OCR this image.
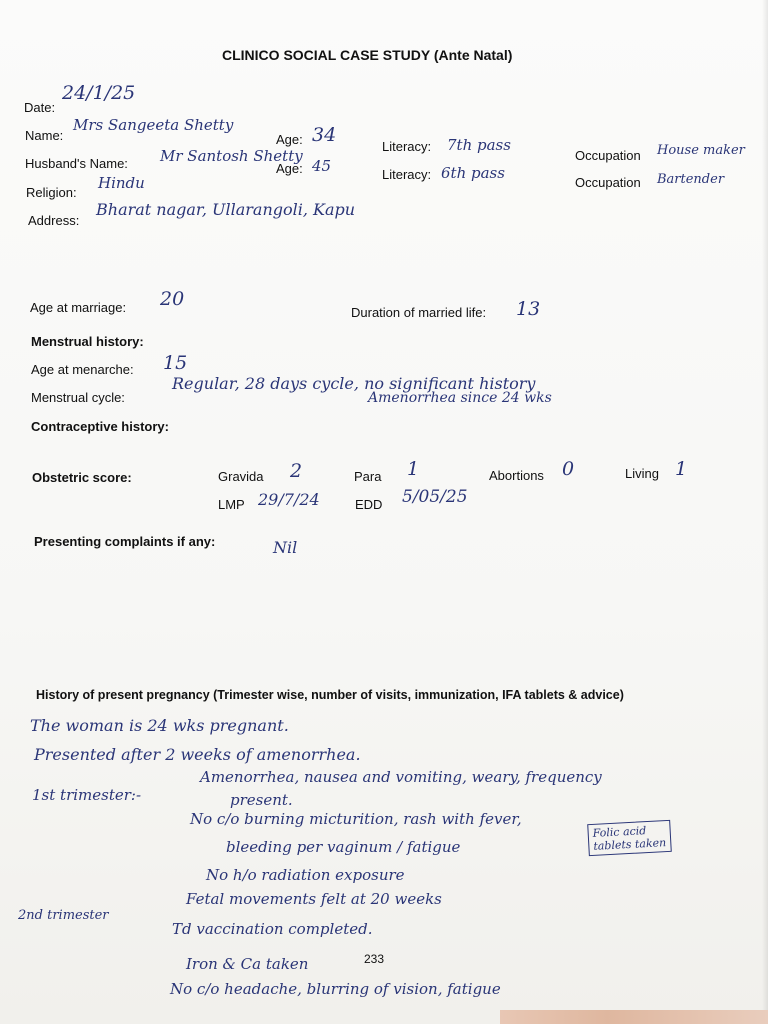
CLINICO SOCIAL CASE STUDY (Ante Natal)
Date:
24/1/25
Name:
Mrs Sangeeta Shetty
Age: 34
Literacy: 7th pass
Occupation House maker
Husband's Name: Mr Santosh Shetty
Age: 45	Literacy: 6th pass
Occupation Bartender
Religion:
Hindu
Address:
Bharat nagar, Ullarangoli, Kapu
Age at marriage: 20
Duration of married life: 13
Menstrual history:
Age at menarche: 15
Menstrual cycle:
Regular, 28 days cycle, no significant history
Amenorrhea since 24 wks
Contraceptive history:
Obstetric score:	Gravida 2	Para 1	Abortions 0	Living 1
LMP 29/7/24	EDD 5/05/25
Presenting complaints if any:	Nil
History of present pregnancy (Trimester wise, number of visits, immunization, IFA tablets & advice)
The woman is 24 wks pregnant.
Presented after 2 weeks of amenorrhea.
1st trimester:-
Amenorrhea, nausea and vomiting, weary, frequency
present.
No c/o burning micturition, rash with fever,
bleeding per vaginum / fatigue
Folic acid
tablets taken
No h/o radiation exposure
2nd trimester
Fetal movements felt at 20 weeks
Td vaccination completed.
Iron & Ca taken	233
No c/o headache, blurring of vision, fatigue
